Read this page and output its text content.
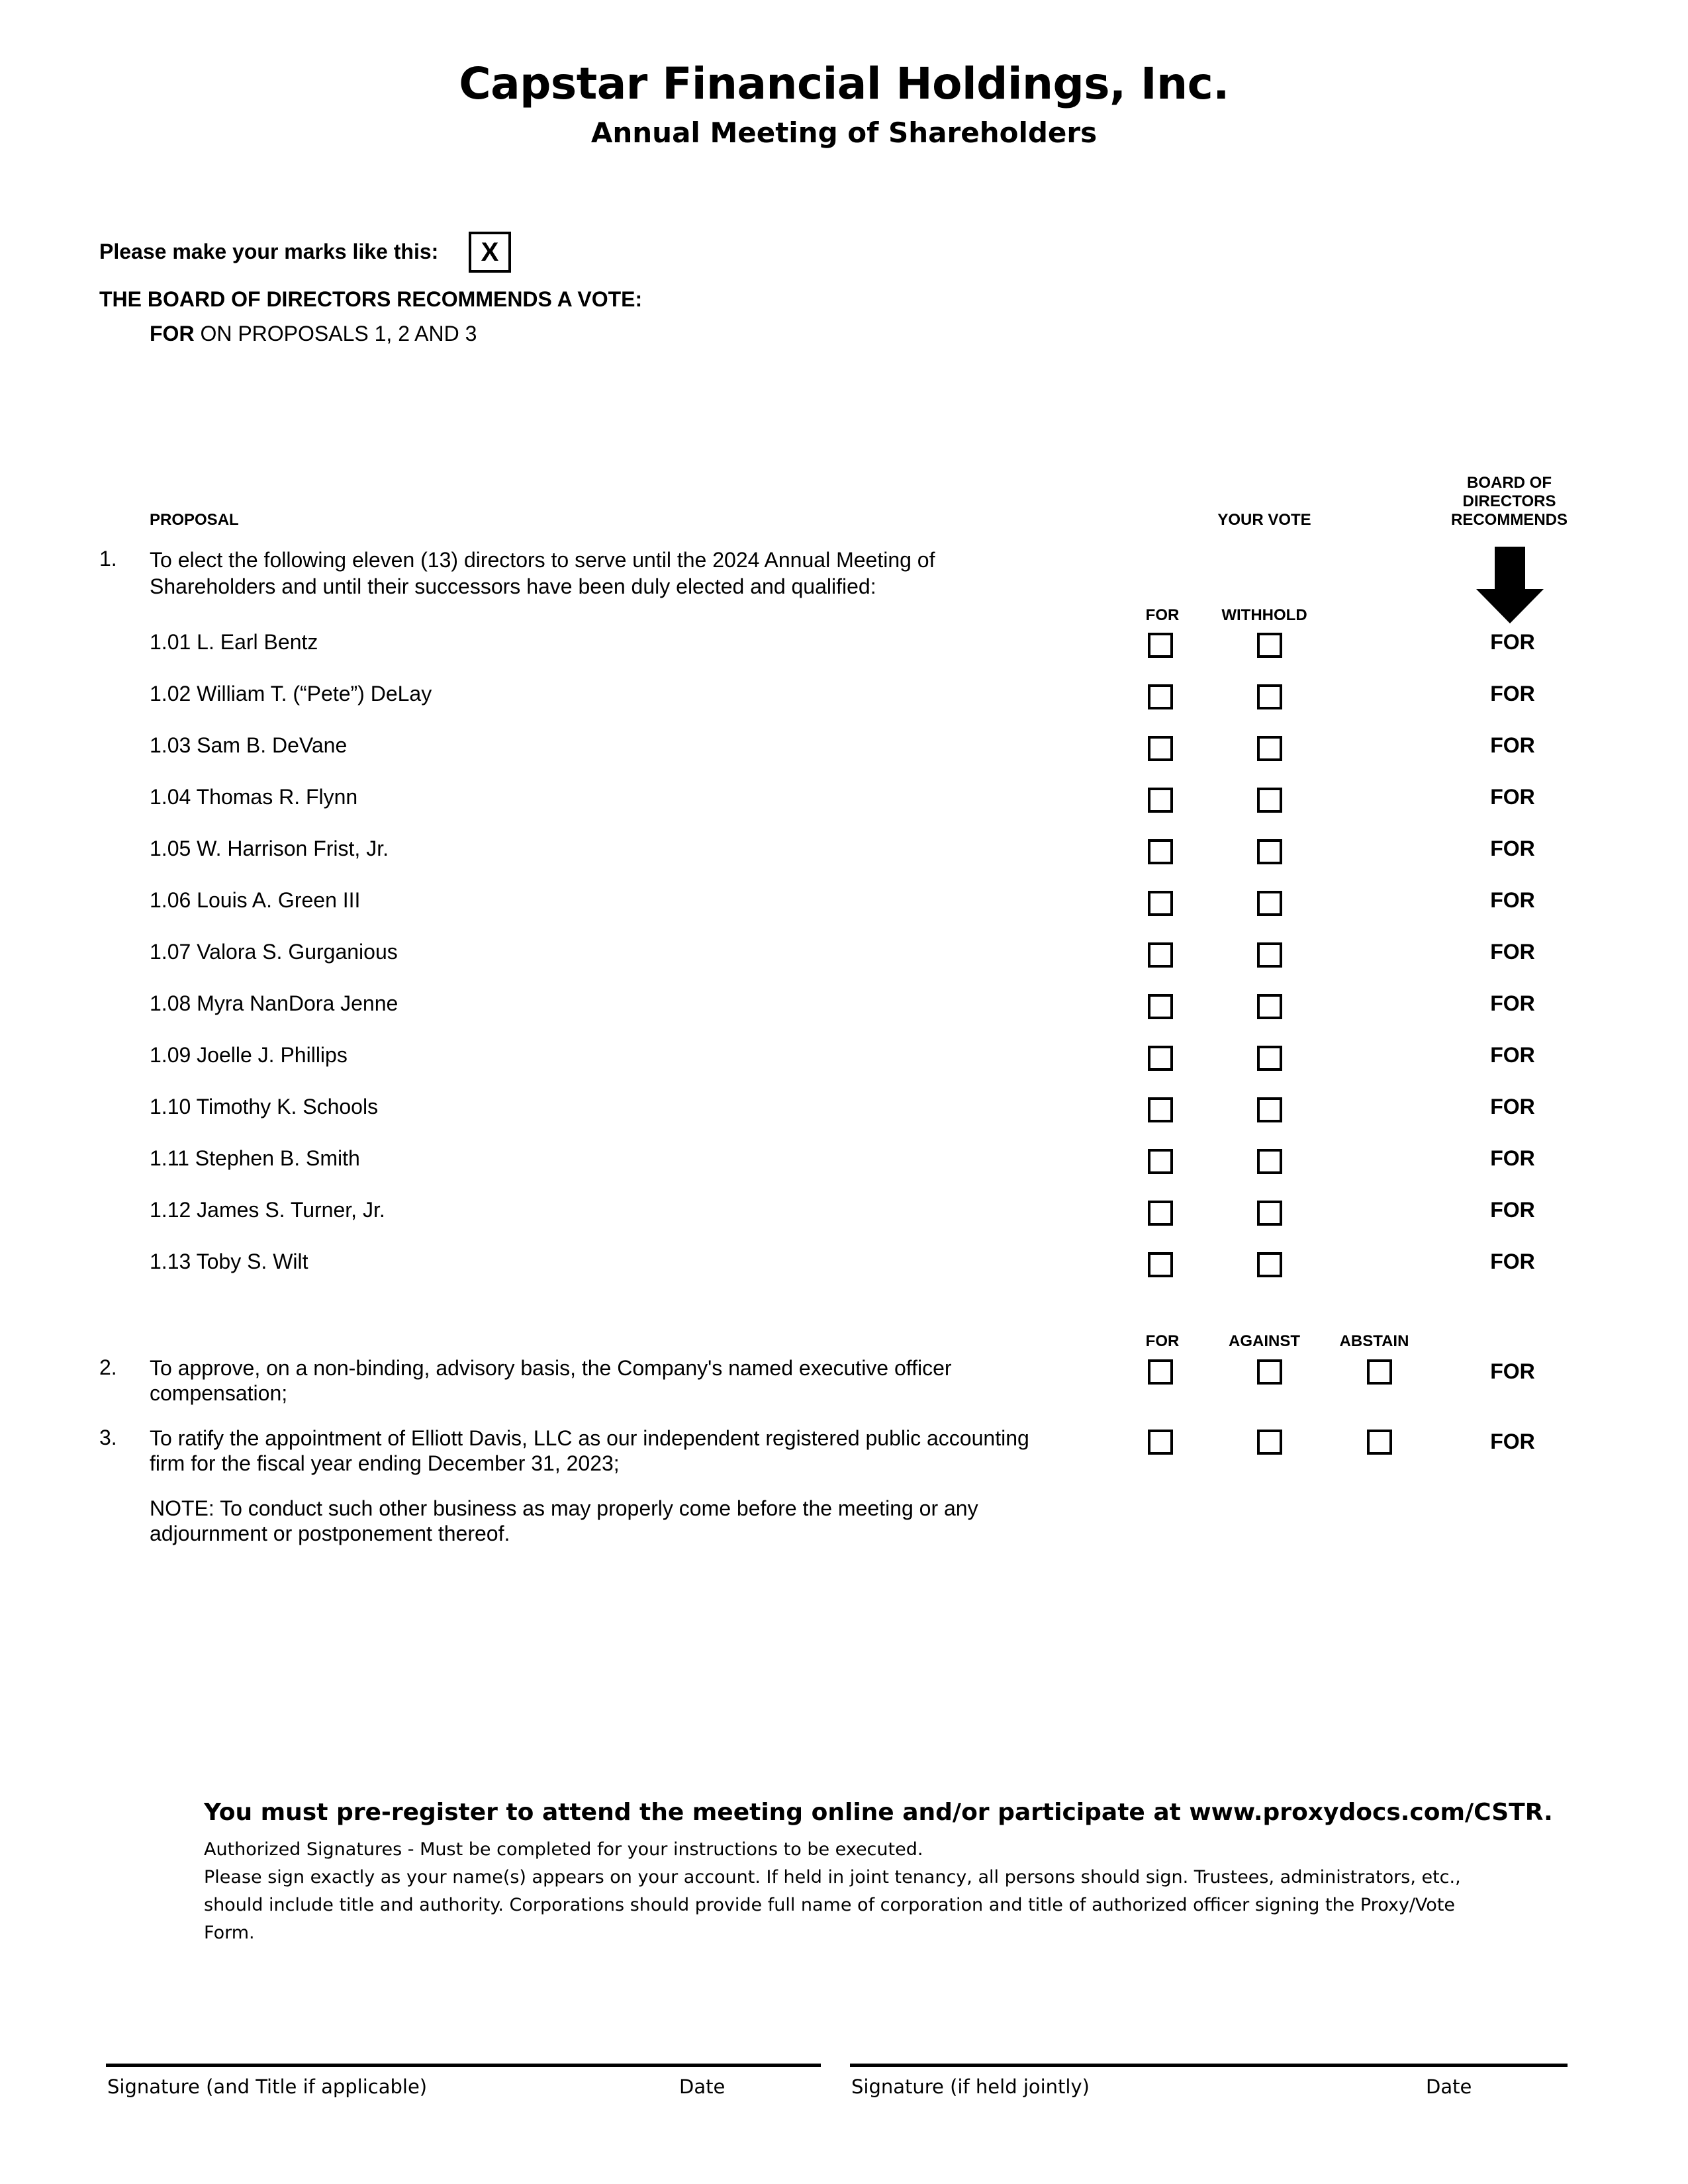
Capstar Financial Holdings, Inc.
Annual Meeting of Shareholders
Please make your marks like this:	X
THE BOARD OF DIRECTORS RECOMMENDS A VOTE:
FOR ON PROPOSALS 1, 2 AND 3
PROPOSAL	YOUR VOTE
BOARD OF
DIRECTORS
RECOMMENDS
1. To elect the following eleven (13) directors to serve until the 2024 Annual Meeting of
Shareholders and until their successors have been duly elected and qualified:
FOR	WITHHOLD
1.01 L. Earl Bentz	FOR
1.02 William T. (“Pete”) DeLay	FOR
1.03 Sam B. DeVane	FOR
1.04 Thomas R. Flynn	FOR
1.05 W. Harrison Frist, Jr.	FOR
1.06 Louis A. Green III	FOR
1.07 Valora S. Gurganious	FOR
1.08 Myra NanDora Jenne	FOR
1.09 Joelle J. Phillips	FOR
1.10 Timothy K. Schools	FOR
1.11 Stephen B. Smith	FOR
1.12 James S. Turner, Jr.	FOR
1.13 Toby S. Wilt	FOR
FOR	AGAINST	ABSTAIN
2. To approve, on a non-binding, advisory basis, the Company's named executive officer
compensation;
FOR
3. To ratify the appointment of Elliott Davis, LLC as our independent registered public accounting
firm for the fiscal year ending December 31, 2023;
FOR
NOTE: To conduct such other business as may properly come before the meeting or any
adjournment or postponement thereof.
You must pre-register to attend the meeting online and/or participate at www.proxydocs.com/CSTR.
Authorized Signatures - Must be completed for your instructions to be executed.
Please sign exactly as your name(s) appears on your account. If held in joint tenancy, all persons should sign. Trustees, administrators, etc.,
should include title and authority. Corporations should provide full name of corporation and title of authorized officer signing the Proxy/Vote
Form.
Signature (and Title if applicable)	Date	Signature (if held jointly)	Date
